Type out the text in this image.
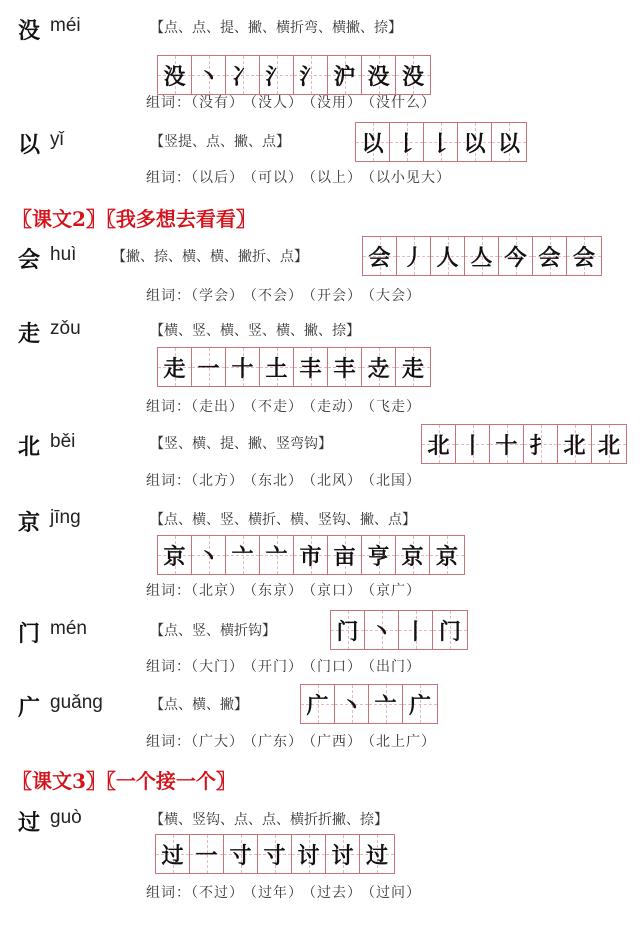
没 méi	【点、点、提、撇、横折弯、横撇、捺】
没 丶 冫 氵 氵 沪 没 没
组词：（没有） （没人） （没用） （没什么）
以 yǐ	【竖提、点、撇、点】	以 𠄌 𠄌 以 以
组词：（以后） （可以） （以上） （以小见大）
〖课文2〗〖我多想去看看〗
会 huì	【撇、捺、横、横、撇折、点】	会 丿 人 亼 今 会 会
组词：（学会） （不会） （开会） （大会）
走 zǒu	【横、竖、横、竖、横、撇、捺】
走 一 十 土 丰 丰 赱 走
组词：（走出） （不走） （走动） （飞走）
北 běi	【竖、横、提、撇、竖弯钩】	北 丨 十 扌 北 北
组词：（北方） （东北） （北风） （北国）
京 jīng	【点、横、竖、横折、横、竖钩、撇、点】
京 丶 亠 亠 市 亩 亨 京 京
组词：（北京） （东京） （京口） （京广）
门 mén	【点、竖、横折钩】	门 丶 丨 门
组词：（大门） （开门） （门口） （出门）
广 guǎng	【点、横、撇】	广 丶 亠 广
组词：（广大） （广东） （广西） （北上广）
〖课文3〗〖一个接一个〗
过 guò	【横、竖钩、点、点、横折折撇、捺】
过 一 寸 寸 讨 讨 过
组词：（不过） （过年） （过去） （过问）
